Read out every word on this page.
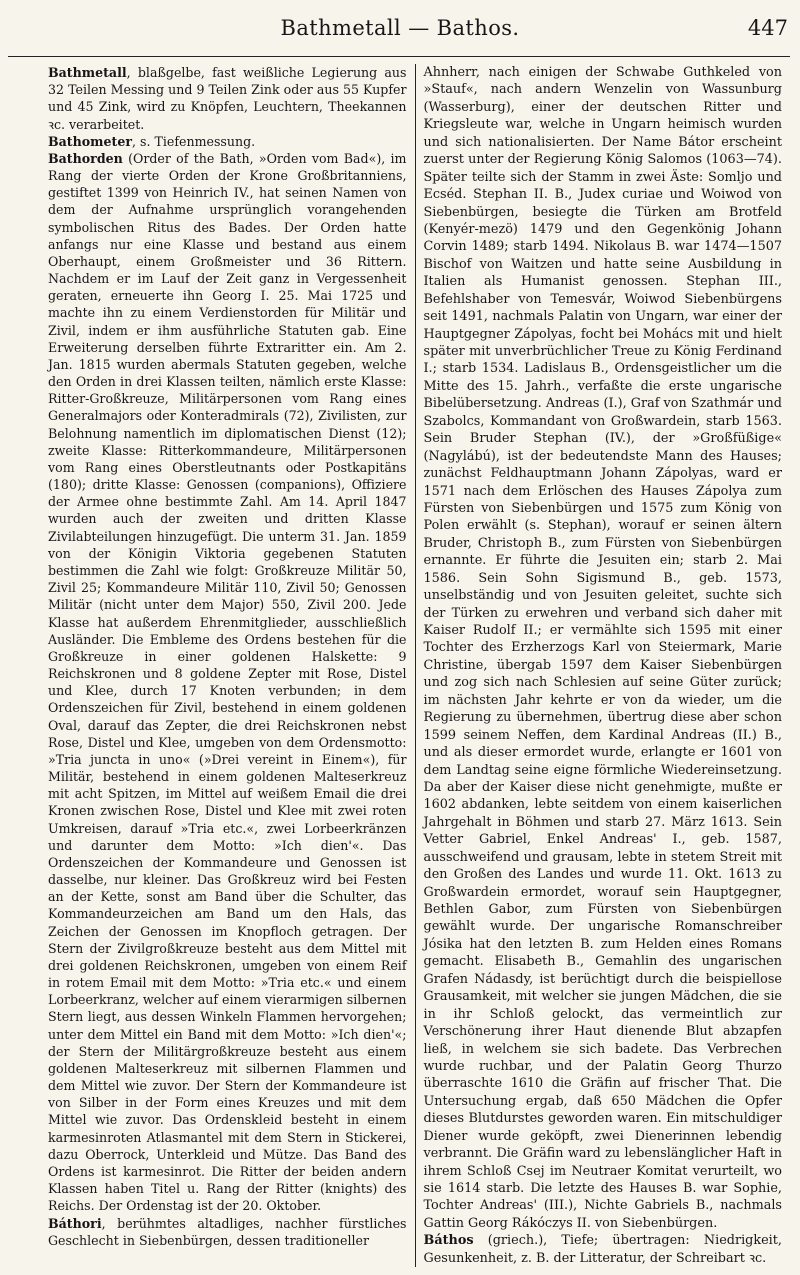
Bathmetall — Bathos.	447

Bathmetall, blaßgelbe, fast weißliche Legierung aus 32 Teilen Messing und 9 Teilen Zink oder aus 55 Kupfer und 45 Zink, wird zu Knöpfen, Leuchtern, Theekannen ꝛc. verarbeitet.

Bathometer, s. Tiefenmessung.

Bathorden (Order of the Bath, »Orden vom Bad«), im Rang der vierte Orden der Krone Großbritanniens, gestiftet 1399 von Heinrich IV., hat seinen Namen von dem der Aufnahme ursprünglich vorangehenden symbolischen Ritus des Bades. Der Orden hatte anfangs nur eine Klasse und bestand aus einem Oberhaupt, einem Großmeister und 36 Rittern. Nachdem er im Lauf der Zeit ganz in Vergessenheit geraten, erneuerte ihn Georg I. 25. Mai 1725 und machte ihn zu einem Verdienstorden für Militär und Zivil, indem er ihm ausführliche Statuten gab. Eine Erweiterung derselben führte Extraritter ein. Am 2. Jan. 1815 wurden abermals Statuten gegeben, welche den Orden in drei Klassen teilten, nämlich erste Klasse: Ritter-Großkreuze, Militärpersonen vom Rang eines Generalmajors oder Konteradmirals (72), Zivilisten, zur Belohnung namentlich im diplomatischen Dienst (12); zweite Klasse: Ritterkommandeure, Militärpersonen vom Rang eines Oberstleutnants oder Postkapitäns (180); dritte Klasse: Genossen (companions), Offiziere der Armee ohne bestimmte Zahl. Am 14. April 1847 wurden auch der zweiten und dritten Klasse Zivilabteilungen hinzugefügt. Die unterm 31. Jan. 1859 von der Königin Viktoria gegebenen Statuten bestimmen die Zahl wie folgt: Großkreuze Militär 50, Zivil 25; Kommandeure Militär 110, Zivil 50; Genossen Militär (nicht unter dem Major) 550, Zivil 200. Jede Klasse hat außerdem Ehrenmitglieder, ausschließlich Ausländer. Die Embleme des Ordens bestehen für die Großkreuze in einer goldenen Halskette: 9 Reichskronen und 8 goldene Zepter mit Rose, Distel und Klee, durch 17 Knoten verbunden; in dem Ordenszeichen für Zivil, bestehend in einem goldenen Oval, darauf das Zepter, die drei Reichskronen nebst Rose, Distel und Klee, umgeben von dem Ordensmotto: »Tria juncta in uno« (»Drei vereint in Einem«), für Militär, bestehend in einem goldenen Malteserkreuz mit acht Spitzen, im Mittel auf weißem Email die drei Kronen zwischen Rose, Distel und Klee mit zwei roten Umkreisen, darauf »Tria etc.«, zwei Lorbeerkränzen und darunter dem Motto: »Ich dien'«. Das Ordenszeichen der Kommandeure und Genossen ist dasselbe, nur kleiner. Das Großkreuz wird bei Festen an der Kette, sonst am Band über die Schulter, das Kommandeurzeichen am Band um den Hals, das Zeichen der Genossen im Knopfloch getragen. Der Stern der Zivilgroßkreuze besteht aus dem Mittel mit drei goldenen Reichskronen, umgeben von einem Reif in rotem Email mit dem Motto: »Tria etc.« und einem Lorbeerkranz, welcher auf einem vierarmigen silbernen Stern liegt, aus dessen Winkeln Flammen hervorgehen; unter dem Mittel ein Band mit dem Motto: »Ich dien'«; der Stern der Militärgroßkreuze besteht aus einem goldenen Malteserkreuz mit silbernen Flammen und dem Mittel wie zuvor. Der Stern der Kommandeure ist von Silber in der Form eines Kreuzes und mit dem Mittel wie zuvor. Das Ordenskleid besteht in einem karmesinroten Atlasmantel mit dem Stern in Stickerei, dazu Oberrock, Unterkleid und Mütze. Das Band des Ordens ist karmesinrot. Die Ritter der beiden andern Klassen haben Titel u. Rang der Ritter (knights) des Reichs. Der Ordenstag ist der 20. Oktober.

Báthori, berühmtes altadliges, nachher fürstliches Geschlecht in Siebenbürgen, dessen traditioneller

Ahnherr, nach einigen der Schwabe Guthkeled von »Stauf«, nach andern Wenzelin von Wassunburg (Wasserburg), einer der deutschen Ritter und Kriegsleute war, welche in Ungarn heimisch wurden und sich nationalisierten. Der Name Bátor erscheint zuerst unter der Regierung König Salomos (1063—74). Später teilte sich der Stamm in zwei Äste: Somljo und Ecséd. Stephan II. B., Judex curiae und Woiwod von Siebenbürgen, besiegte die Türken am Brotfeld (Kenyér-mezö) 1479 und den Gegenkönig Johann Corvin 1489; starb 1494. Nikolaus B. war 1474—1507 Bischof von Waitzen und hatte seine Ausbildung in Italien als Humanist genossen. Stephan III., Befehlshaber von Temesvár, Woiwod Siebenbürgens seit 1491, nachmals Palatin von Ungarn, war einer der Hauptgegner Zápolyas, focht bei Mohács mit und hielt später mit unverbrüchlicher Treue zu König Ferdinand I.; starb 1534. Ladislaus B., Ordensgeistlicher um die Mitte des 15. Jahrh., verfaßte die erste ungarische Bibelübersetzung. Andreas (I.), Graf von Szathmár und Szabolcs, Kommandant von Großwardein, starb 1563. Sein Bruder Stephan (IV.), der »Großfüßige« (Nagylábú), ist der bedeutendste Mann des Hauses; zunächst Feldhauptmann Johann Zápolyas, ward er 1571 nach dem Erlöschen des Hauses Zápolya zum Fürsten von Siebenbürgen und 1575 zum König von Polen erwählt (s. Stephan), worauf er seinen ältern Bruder, Christoph B., zum Fürsten von Siebenbürgen ernannte. Er führte die Jesuiten ein; starb 2. Mai 1586. Sein Sohn Sigismund B., geb. 1573, unselbständig und von Jesuiten geleitet, suchte sich der Türken zu erwehren und verband sich daher mit Kaiser Rudolf II.; er vermählte sich 1595 mit einer Tochter des Erzherzogs Karl von Steiermark, Marie Christine, übergab 1597 dem Kaiser Siebenbürgen und zog sich nach Schlesien auf seine Güter zurück; im nächsten Jahr kehrte er von da wieder, um die Regierung zu übernehmen, übertrug diese aber schon 1599 seinem Neffen, dem Kardinal Andreas (II.) B., und als dieser ermordet wurde, erlangte er 1601 von dem Landtag seine eigne förmliche Wiedereinsetzung. Da aber der Kaiser diese nicht genehmigte, mußte er 1602 abdanken, lebte seitdem von einem kaiserlichen Jahrgehalt in Böhmen und starb 27. März 1613. Sein Vetter Gabriel, Enkel Andreas' I., geb. 1587, ausschweifend und grausam, lebte in stetem Streit mit den Großen des Landes und wurde 11. Okt. 1613 zu Großwardein ermordet, worauf sein Hauptgegner, Bethlen Gabor, zum Fürsten von Siebenbürgen gewählt wurde. Der ungarische Romanschreiber Jósika hat den letzten B. zum Helden eines Romans gemacht. Elisabeth B., Gemahlin des ungarischen Grafen Nádasdy, ist berüchtigt durch die beispiellose Grausamkeit, mit welcher sie jungen Mädchen, die sie in ihr Schloß gelockt, das vermeintlich zur Verschönerung ihrer Haut dienende Blut abzapfen ließ, in welchem sie sich badete. Das Verbrechen wurde ruchbar, und der Palatin Georg Thurzo überraschte 1610 die Gräfin auf frischer That. Die Untersuchung ergab, daß 650 Mädchen die Opfer dieses Blutdurstes geworden waren. Ein mitschuldiger Diener wurde geköpft, zwei Dienerinnen lebendig verbrannt. Die Gräfin ward zu lebenslänglicher Haft in ihrem Schloß Csej im Neutraer Komitat verurteilt, wo sie 1614 starb. Die letzte des Hauses B. war Sophie, Tochter Andreas' (III.), Nichte Gabriels B., nachmals Gattin Georg Rákóczys II. von Siebenbürgen.

Báthos (griech.), Tiefe; übertragen: Niedrigkeit, Gesunkenheit, z. B. der Litteratur, der Schreibart ꝛc.
